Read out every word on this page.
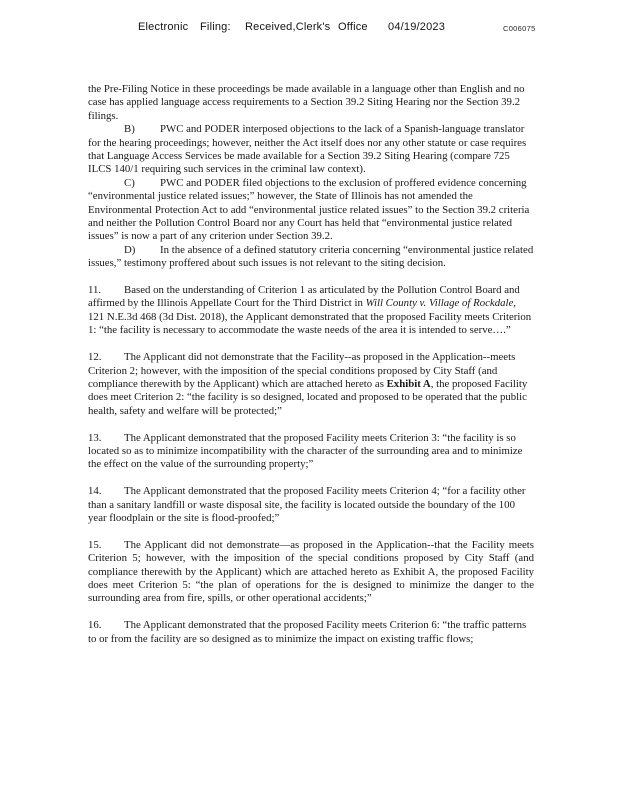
Electronic Filing: Received,Clerk's Office 04/19/2023	C006075

the Pre-Filing Notice in these proceedings be made available in a language other than English and no case has applied language access requirements to a Section 39.2 Siting Hearing nor the Section 39.2 filings.

B) PWC and PODER interposed objections to the lack of a Spanish-language translator for the hearing proceedings; however, neither the Act itself does nor any other statute or case requires that Language Access Services be made available for a Section 39.2 Siting Hearing (compare 725 ILCS 140/1 requiring such services in the criminal law context).

C) PWC and PODER filed objections to the exclusion of proffered evidence concerning “environmental justice related issues;” however, the State of Illinois has not amended the Environmental Protection Act to add “environmental justice related issues” to the Section 39.2 criteria and neither the Pollution Control Board nor any Court has held that “environmental justice related issues” is now a part of any criterion under Section 39.2.

D) In the absence of a defined statutory criteria concerning “environmental justice related issues,” testimony proffered about such issues is not relevant to the siting decision.

11. Based on the understanding of Criterion 1 as articulated by the Pollution Control Board and affirmed by the Illinois Appellate Court for the Third District in Will County v. Village of Rockdale, 121 N.E.3d 468 (3d Dist. 2018), the Applicant demonstrated that the proposed Facility meets Criterion 1: “the facility is necessary to accommodate the waste needs of the area it is intended to serve….”

12. The Applicant did not demonstrate that the Facility--as proposed in the Application--meets Criterion 2; however, with the imposition of the special conditions proposed by City Staff (and compliance therewith by the Applicant) which are attached hereto as Exhibit A, the proposed Facility does meet Criterion 2: “the facility is so designed, located and proposed to be operated that the public health, safety and welfare will be protected;”

13. The Applicant demonstrated that the proposed Facility meets Criterion 3: “the facility is so located so as to minimize incompatibility with the character of the surrounding area and to minimize the effect on the value of the surrounding property;”

14. The Applicant demonstrated that the proposed Facility meets Criterion 4; “for a facility other than a sanitary landfill or waste disposal site, the facility is located outside the boundary of the 100 year floodplain or the site is flood-proofed;”

15. The Applicant did not demonstrate—as proposed in the Application--that the Facility meets Criterion 5; however, with the imposition of the special conditions proposed by City Staff (and compliance therewith by the Applicant) which are attached hereto as Exhibit A, the proposed Facility does meet Criterion 5: “the plan of operations for the is designed to minimize the danger to the surrounding area from fire, spills, or other operational accidents;”

16. The Applicant demonstrated that the proposed Facility meets Criterion 6: “the traffic patterns to or from the facility are so designed as to minimize the impact on existing traffic flows;
